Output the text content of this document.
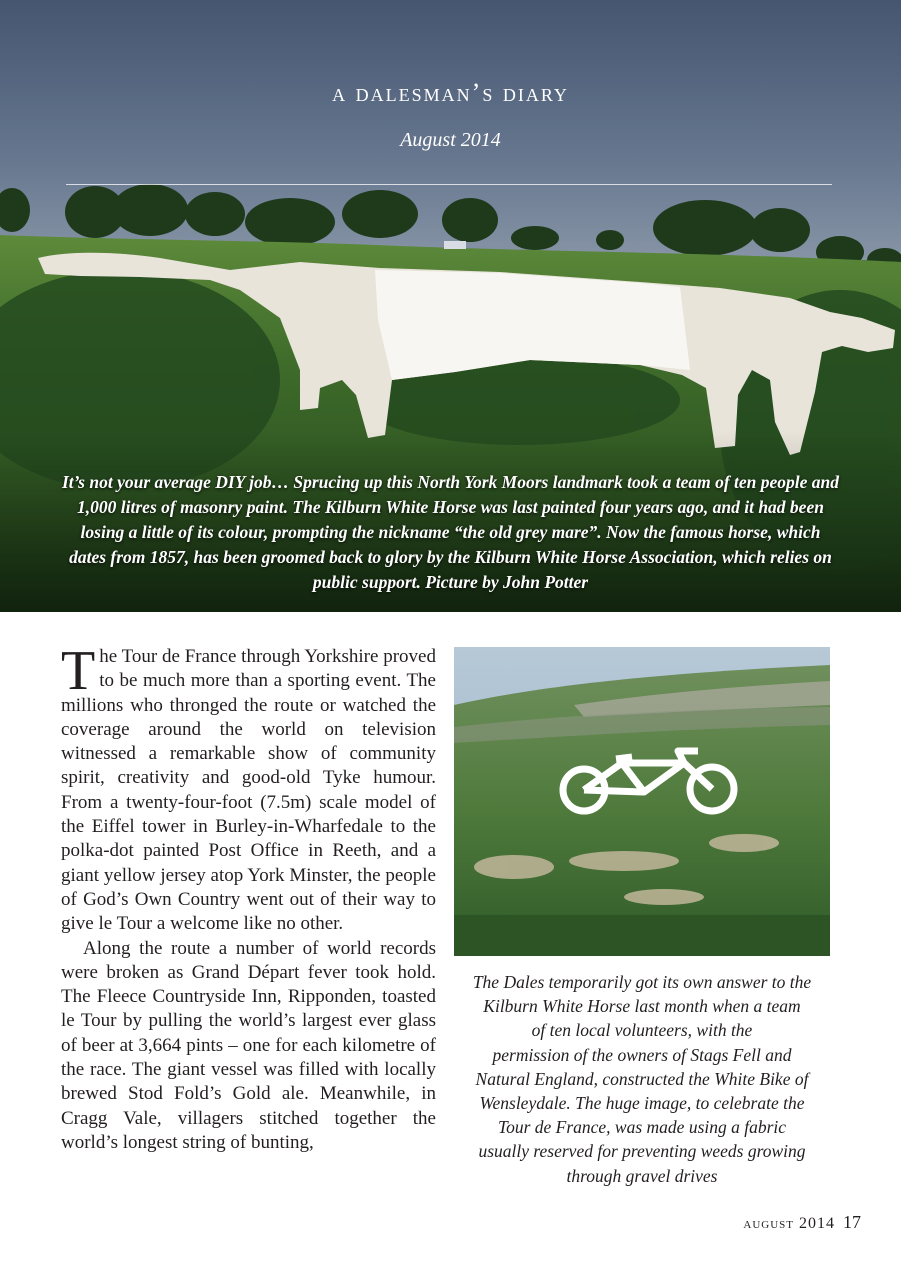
a dalesman’s diary
August 2014
It’s not your average DIY job… Sprucing up this North York Moors landmark took a team of ten people and 1,000 litres of masonry paint. The Kilburn White Horse was last painted four years ago, and it had been losing a little of its colour, prompting the nickname “the old grey mare”. Now the famous horse, which dates from 1857, has been groomed back to glory by the Kilburn White Horse Association, which relies on public support. Picture by John Potter

The Tour de France through Yorkshire proved to be much more than a sporting event. The millions who thronged the route or watched the coverage around the world on television witnessed a remarkable show of community spirit, creativity and good-old Tyke humour. From a twenty-four-foot (7.5m) scale model of the Eiffel tower in Burley-in-Wharfedale to the polka-dot painted Post Office in Reeth, and a giant yellow jersey atop York Minster, the people of God’s Own Country went out of their way to give le Tour a welcome like no other.

Along the route a number of world records were broken as Grand Départ fever took hold. The Fleece Countryside Inn, Ripponden, toasted le Tour by pulling the world’s largest ever glass of beer at 3,664 pints – one for each kilometre of the race. The giant vessel was filled with locally brewed Stod Fold’s Gold ale. Meanwhile, in Cragg Vale, villagers stitched together the world’s longest string of bunting,

The Dales temporarily got its own answer to the
Kilburn White Horse last month when a team
of ten local volunteers, with the
permission of the owners of Stags Fell and
Natural England, constructed the White Bike of
Wensleydale. The huge image, to celebrate the
Tour de France, was made using a fabric
usually reserved for preventing weeds growing
through gravel drives
august 2014 17
